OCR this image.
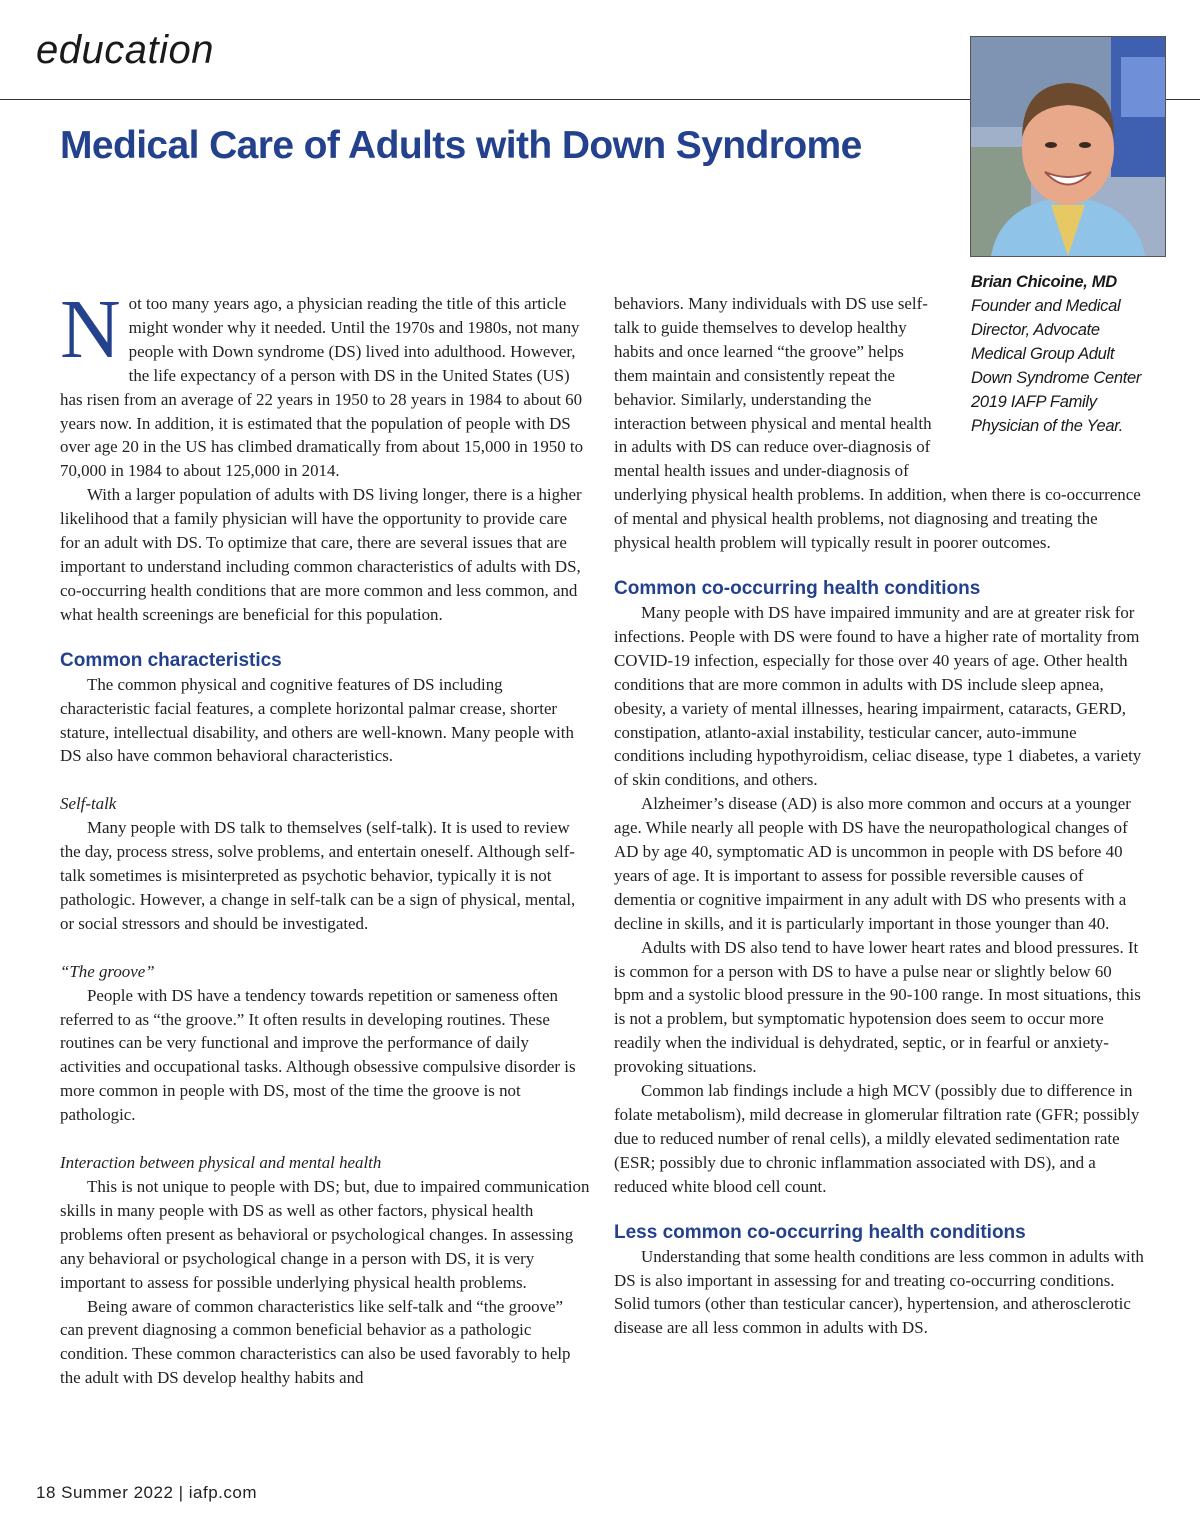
education
Medical Care of Adults with Down Syndrome
Brian Chicoine, MD
Founder and Medical
Director, Advocate
Medical Group Adult
Down Syndrome Center
2019 IAFP Family
Physician of the Year.

Not too many years ago, a physician reading the title of this article might wonder why it needed. Until the 1970s and 1980s, not many people with Down syndrome (DS) lived into adulthood. However, the life expectancy of a person with DS in the United States (US) has risen from an average of 22 years in 1950 to 28 years in 1984 to about 60 years now. In addition, it is estimated that the population of people with DS over age 20 in the US has climbed dramatically from about 15,000 in 1950 to 70,000 in 1984 to about 125,000 in 2014.

With a larger population of adults with DS living longer, there is a higher likelihood that a family physician will have the opportunity to provide care for an adult with DS. To optimize that care, there are several issues that are important to understand including common characteristics of adults with DS, co-occurring health conditions that are more common and less common, and what health screenings are beneficial for this population.

Common characteristics

The common physical and cognitive features of DS including characteristic facial features, a complete horizontal palmar crease, shorter stature, intellectual disability, and others are well-known. Many people with DS also have common behavioral characteristics.

Self-talk

Many people with DS talk to themselves (self-talk). It is used to review the day, process stress, solve problems, and entertain oneself. Although self-talk sometimes is misinterpreted as psychotic behavior, typically it is not pathologic. However, a change in self-talk can be a sign of physical, mental, or social stressors and should be investigated.

“The groove”

People with DS have a tendency towards repetition or sameness often referred to as “the groove.” It often results in developing routines. These routines can be very functional and improve the performance of daily activities and occupational tasks. Although obsessive compulsive disorder is more common in people with DS, most of the time the groove is not pathologic.

Interaction between physical and mental health

This is not unique to people with DS; but, due to impaired communication skills in many people with DS as well as other factors, physical health problems often present as behavioral or psychological changes. In assessing any behavioral or psychological change in a person with DS, it is very important to assess for possible underlying physical health problems.

Being aware of common characteristics like self-talk and “the groove” can prevent diagnosing a common beneficial behavior as a pathologic condition. These common characteristics can also be used favorably to help the adult with DS develop healthy habits and

behaviors. Many individuals with DS use self-talk to guide themselves to develop healthy habits and once learned “the groove” helps them maintain and consistently repeat the behavior. Similarly, understanding the interaction between physical and mental health in adults with DS can reduce over-diagnosis of mental health issues and under-diagnosis of underlying physical health problems. In addition, when there is co-occurrence of mental and physical health problems, not diagnosing and treating the physical health problem will typically result in poorer outcomes.

Common co-occurring health conditions

Many people with DS have impaired immunity and are at greater risk for infections. People with DS were found to have a higher rate of mortality from COVID-19 infection, especially for those over 40 years of age. Other health conditions that are more common in adults with DS include sleep apnea, obesity, a variety of mental illnesses, hearing impairment, cataracts, GERD, constipation, atlanto-axial instability, testicular cancer, auto-immune conditions including hypothyroidism, celiac disease, type 1 diabetes, a variety of skin conditions, and others.

Alzheimer’s disease (AD) is also more common and occurs at a younger age. While nearly all people with DS have the neuropathological changes of AD by age 40, symptomatic AD is uncommon in people with DS before 40 years of age. It is important to assess for possible reversible causes of dementia or cognitive impairment in any adult with DS who presents with a decline in skills, and it is particularly important in those younger than 40.

Adults with DS also tend to have lower heart rates and blood pressures. It is common for a person with DS to have a pulse near or slightly below 60 bpm and a systolic blood pressure in the 90-100 range. In most situations, this is not a problem, but symptomatic hypotension does seem to occur more readily when the individual is dehydrated, septic, or in fearful or anxiety-provoking situations.

Common lab findings include a high MCV (possibly due to difference in folate metabolism), mild decrease in glomerular filtration rate (GFR; possibly due to reduced number of renal cells), a mildly elevated sedimentation rate (ESR; possibly due to chronic inflammation associated with DS), and a reduced white blood cell count.

Less common co-occurring health conditions

Understanding that some health conditions are less common in adults with DS is also important in assessing for and treating co-occurring conditions. Solid tumors (other than testicular cancer), hypertension, and atherosclerotic disease are all less common in adults with DS.

18 Summer 2022 | iafp.com
